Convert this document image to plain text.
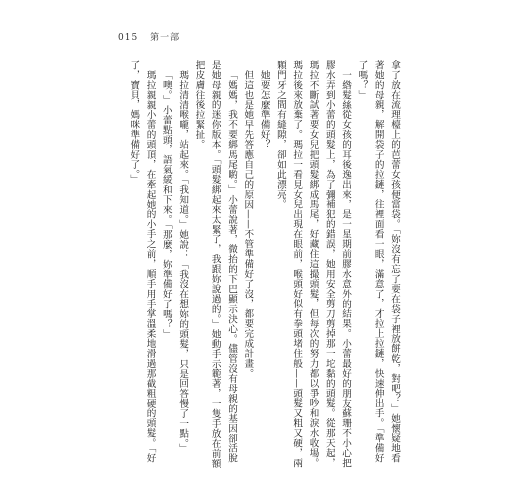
015 第一部

拿了放在流理檯上的芭蕾女孩便當袋。「妳沒有忘了要在袋子裡放餅乾，對吧？」她懷疑地看著她的母親，解開袋子的拉鏈，往裡面看一眼，滿意了，才拉上拉鏈，快速伸出手。「準備好了嗎？」

一綹髮絲從女孩的耳後逸出來，是一星期前膠水意外的結果。小蕾最好的朋友蘇珊不小心把膠水弄到小蕾的頭髮上，為了彌補犯的錯誤，她用安全剪刀剪掉那一坨黏的頭髮。從那天起，瑪拉不斷試著要女兒把頭髮綁成馬尾，好藏住這撮頭髮，但每次的努力都以爭吵和淚水收場。瑪拉後來放棄了。瑪拉一看見女兒出現在眼前，喉頭好似有拳頭堵住般——頭髮又粗又硬，兩顆門牙之間有縫隙，卻如此漂亮。

她要怎麼準備好？

但這也是她早先答應自己的原因——不管準備好了沒，都要完成計畫。

「媽媽，我不要綁馬尾喲。」小蕾說著，微抬的下巴顯示決心。儘管沒有母親的基因卻活脫是她母親的迷你版本。「頭髮綁起來太緊了，我跟妳說過的。」她動手示範著，一隻手放在前額把皮膚往後拉緊扯。

瑪拉清清喉嚨，站起來。「我知道。」她說：「我沒在想妳的頭髮，只是回答慢了一點。」

「噢。」小蕾點頭，語氣緩和下來。「那麼，妳準備好了嗎？」

瑪拉親親小蕾的頭頂，在牽起她的小手之前，順手用手掌溫柔地滑過那截粗硬的頭髮。「好了，寶貝，媽咪準備好了。」
